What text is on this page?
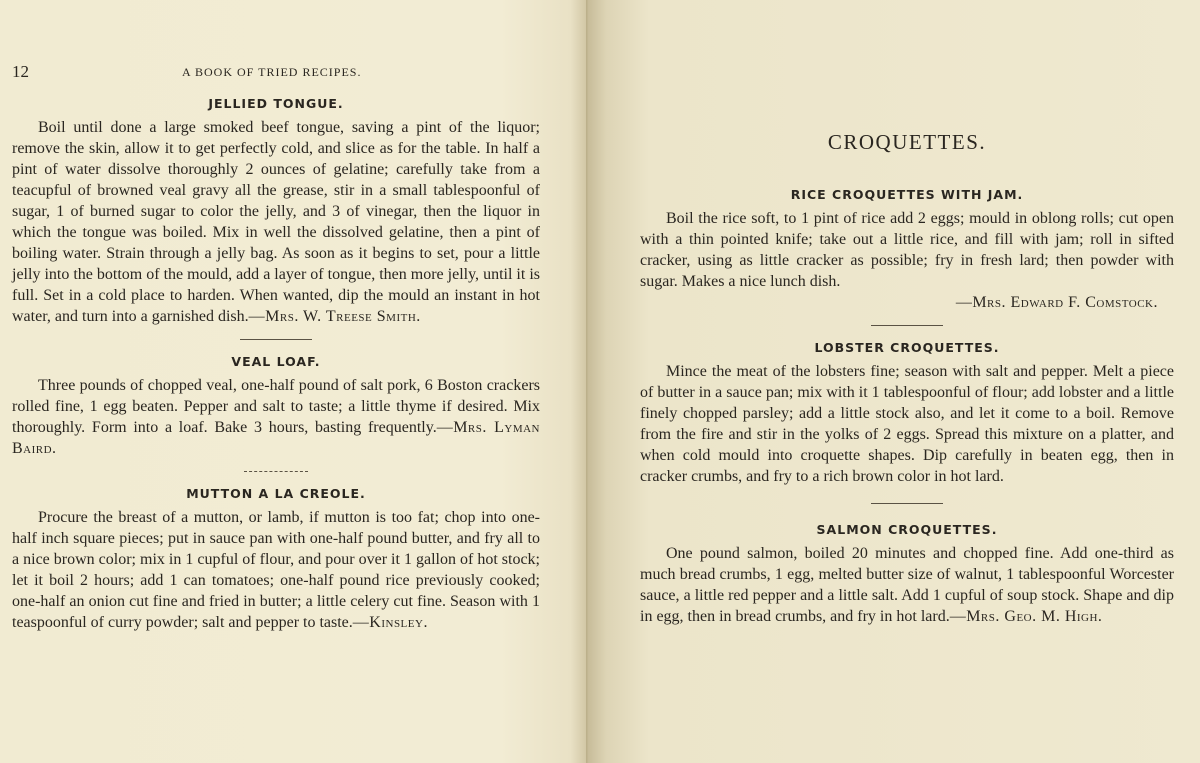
12	A BOOK OF TRIED RECIPES.
JELLIED TONGUE.

Boil until done a large smoked beef tongue, saving a pint of the liquor; remove the skin, allow it to get perfectly cold, and slice as for the table. In half a pint of water dissolve thoroughly 2 ounces of gelatine; carefully take from a teacupful of browned veal gravy all the grease, stir in a small tablespoonful of sugar, 1 of burned sugar to color the jelly, and 3 of vinegar, then the liquor in which the tongue was boiled. Mix in well the dissolved gelatine, then a pint of boiling water. Strain through a jelly bag. As soon as it begins to set, pour a little jelly into the bottom of the mould, add a layer of tongue, then more jelly, until it is full. Set in a cold place to harden. When wanted, dip the mould an instant in hot water, and turn into a garnished dish.—Mrs. W. Treese Smith.

VEAL LOAF.

Three pounds of chopped veal, one-half pound of salt pork, 6 Boston crackers rolled fine, 1 egg beaten. Pepper and salt to taste; a little thyme if desired. Mix thoroughly. Form into a loaf. Bake 3 hours, basting frequently.—Mrs. Lyman Baird.

MUTTON A LA CREOLE.

Procure the breast of a mutton, or lamb, if mutton is too fat; chop into one-half inch square pieces; put in sauce pan with one-half pound butter, and fry all to a nice brown color; mix in 1 cupful of flour, and pour over it 1 gallon of hot stock; let it boil 2 hours; add 1 can tomatoes; one-half pound rice previously cooked; one-half an onion cut fine and fried in butter; a little celery cut fine. Season with 1 teaspoonful of curry powder; salt and pepper to taste.—Kinsley.

CROQUETTES.
RICE CROQUETTES WITH JAM.

Boil the rice soft, to 1 pint of rice add 2 eggs; mould in oblong rolls; cut open with a thin pointed knife; take out a little rice, and fill with jam; roll in sifted cracker, using as little cracker as possible; fry in fresh lard; then powder with sugar. Makes a nice lunch dish.
—Mrs. Edward F. Comstock.

LOBSTER CROQUETTES.

Mince the meat of the lobsters fine; season with salt and pepper. Melt a piece of butter in a sauce pan; mix with it 1 tablespoonful of flour; add lobster and a little finely chopped parsley; add a little stock also, and let it come to a boil. Remove from the fire and stir in the yolks of 2 eggs. Spread this mixture on a platter, and when cold mould into croquette shapes. Dip carefully in beaten egg, then in cracker crumbs, and fry to a rich brown color in hot lard.

SALMON CROQUETTES.

One pound salmon, boiled 20 minutes and chopped fine. Add one-third as much bread crumbs, 1 egg, melted butter size of walnut, 1 tablespoonful Worcester sauce, a little red pepper and a little salt. Add 1 cupful of soup stock. Shape and dip in egg, then in bread crumbs, and fry in hot lard.—Mrs. Geo. M. High.
